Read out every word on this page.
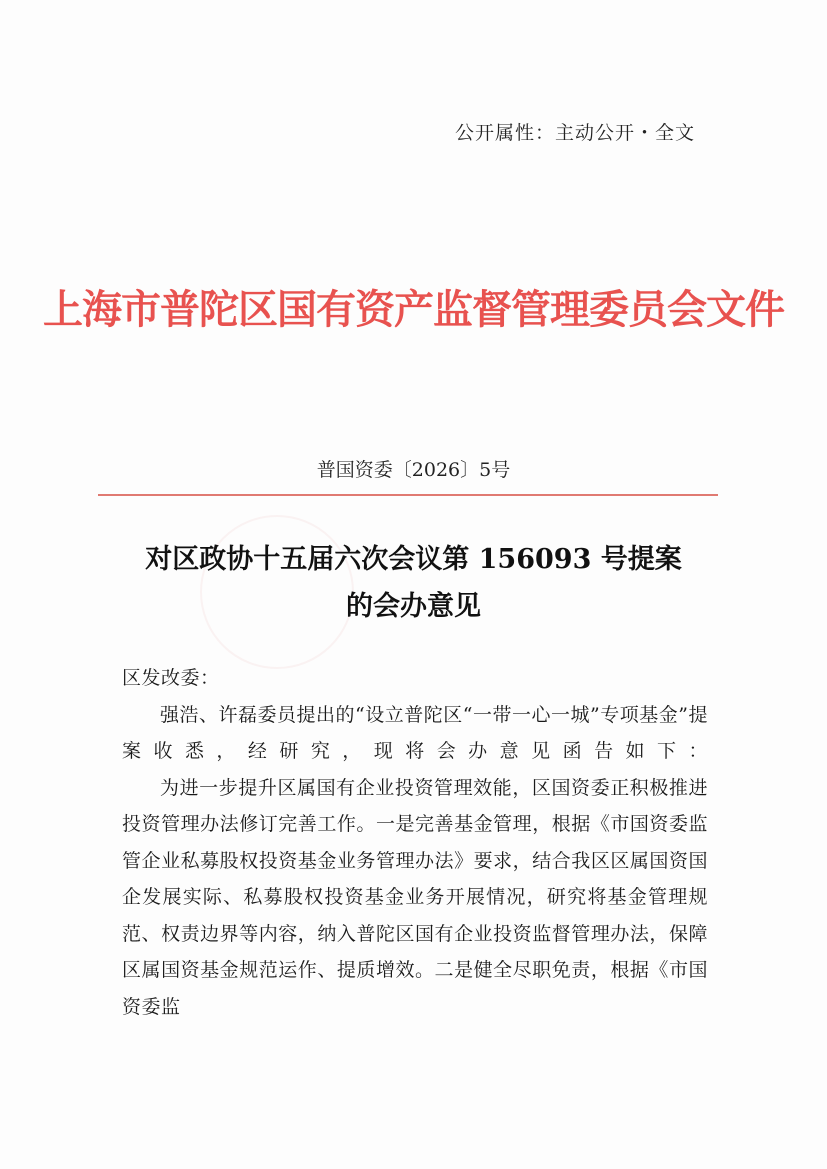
公开属性：主动公开・全文
上海市普陀区国有资产监督管理委员会文件
普国资委〔2026〕5号
对区政协十五届六次会议第 156093 号提案
的会办意见

区发改委：

强浩、许磊委员提出的“设立普陀区“一带一心一城”专项基金”提案收悉，经研究，现将会办意见函告如下：

为进一步提升区属国有企业投资管理效能，区国资委正积极推进投资管理办法修订完善工作。一是完善基金管理，根据《市国资委监管企业私募股权投资基金业务管理办法》要求，结合我区区属国资国企发展实际、私募股权投资基金业务开展情况，研究将基金管理规范、权责边界等内容，纳入普陀区国有企业投资监督管理办法，保障区属国资基金规范运作、提质增效。二是健全尽职免责，根据《市国资委监
